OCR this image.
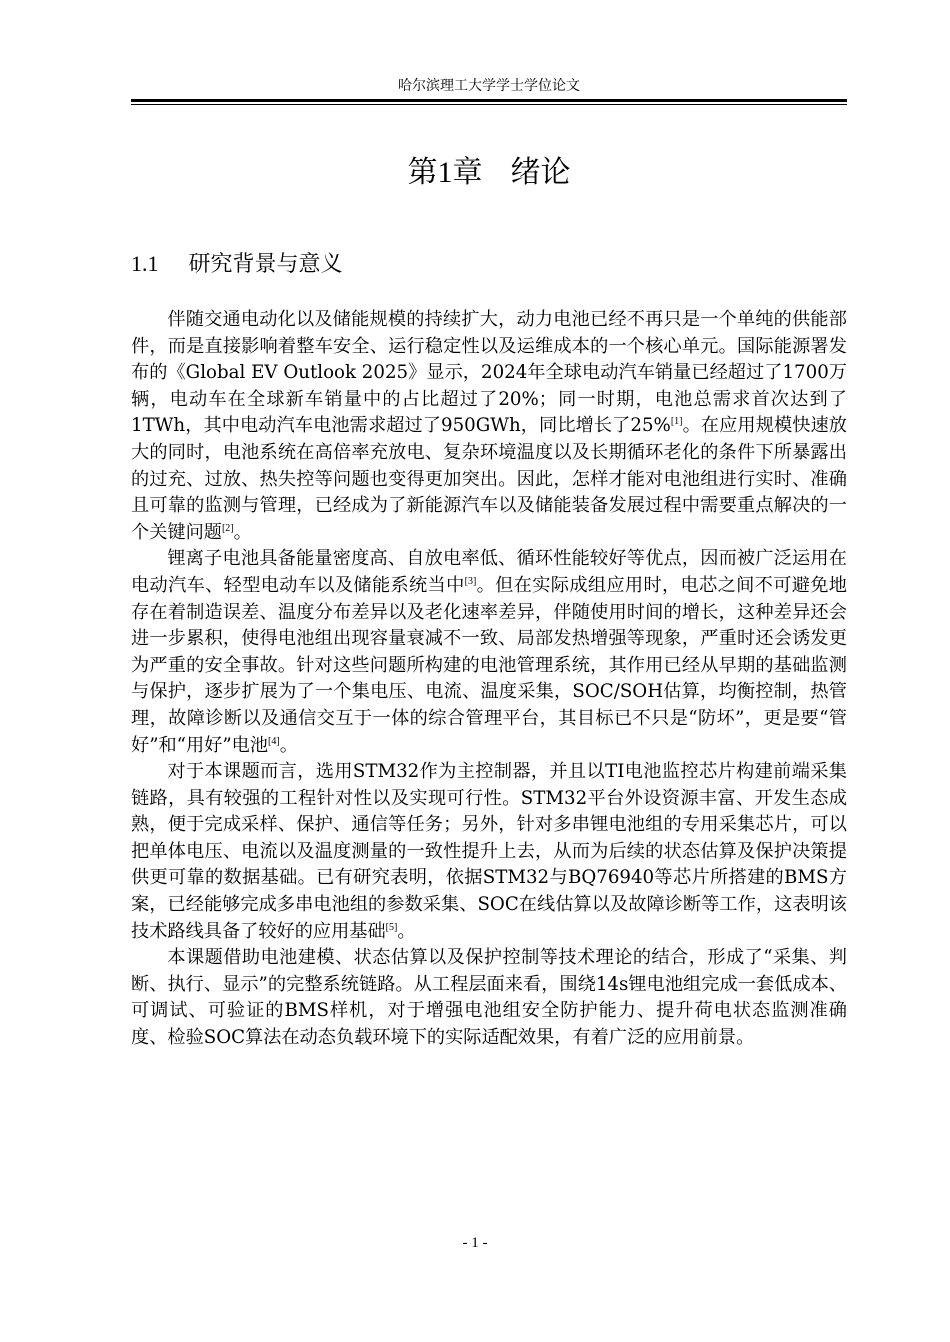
哈尔滨理工大学学士学位论文
第1章 绪论
1.1 研究背景与意义

伴随交通电动化以及储能规模的持续扩大，动力电池已经不再只是一个单纯的供能部件，而是直接影响着整车安全、运行稳定性以及运维成本的一个核心单元。国际能源署发布的《Global EV Outlook 2025》显示，2024年全球电动汽车销量已经超过了1700万辆，电动车在全球新车销量中的占比超过了20%；同一时期，电池总需求首次达到了1TWh，其中电动汽车电池需求超过了950GWh，同比增长了25%[1]。在应用规模快速放大的同时，电池系统在高倍率充放电、复杂环境温度以及长期循环老化的条件下所暴露出的过充、过放、热失控等问题也变得更加突出。因此，怎样才能对电池组进行实时、准确且可靠的监测与管理，已经成为了新能源汽车以及储能装备发展过程中需要重点解决的一个关键问题[2]。

锂离子电池具备能量密度高、自放电率低、循环性能较好等优点，因而被广泛运用在电动汽车、轻型电动车以及储能系统当中[3]。但在实际成组应用时，电芯之间不可避免地存在着制造误差、温度分布差异以及老化速率差异，伴随使用时间的增长，这种差异还会进一步累积，使得电池组出现容量衰减不一致、局部发热增强等现象，严重时还会诱发更为严重的安全事故。针对这些问题所构建的电池管理系统，其作用已经从早期的基础监测与保护，逐步扩展为了一个集电压、电流、温度采集，SOC/SOH估算，均衡控制，热管理，故障诊断以及通信交互于一体的综合管理平台，其目标已不只是“防坏”，更是要“管好”和“用好”电池[4]。

对于本课题而言，选用STM32作为主控制器，并且以TI电池监控芯片构建前端采集链路，具有较强的工程针对性以及实现可行性。STM32平台外设资源丰富、开发生态成熟，便于完成采样、保护、通信等任务；另外，针对多串锂电池组的专用采集芯片，可以把单体电压、电流以及温度测量的一致性提升上去，从而为后续的状态估算及保护决策提供更可靠的数据基础。已有研究表明，依据STM32与BQ76940等芯片所搭建的BMS方案，已经能够完成多串电池组的参数采集、SOC在线估算以及故障诊断等工作，这表明该技术路线具备了较好的应用基础[5]。

本课题借助电池建模、状态估算以及保护控制等技术理论的结合，形成了“采集、判断、执行、显示”的完整系统链路。从工程层面来看，围绕14s锂电池组完成一套低成本、可调试、可验证的BMS样机，对于增强电池组安全防护能力、提升荷电状态监测准确度、检验SOC算法在动态负载环境下的实际适配效果，有着广泛的应用前景。

- 1 -
